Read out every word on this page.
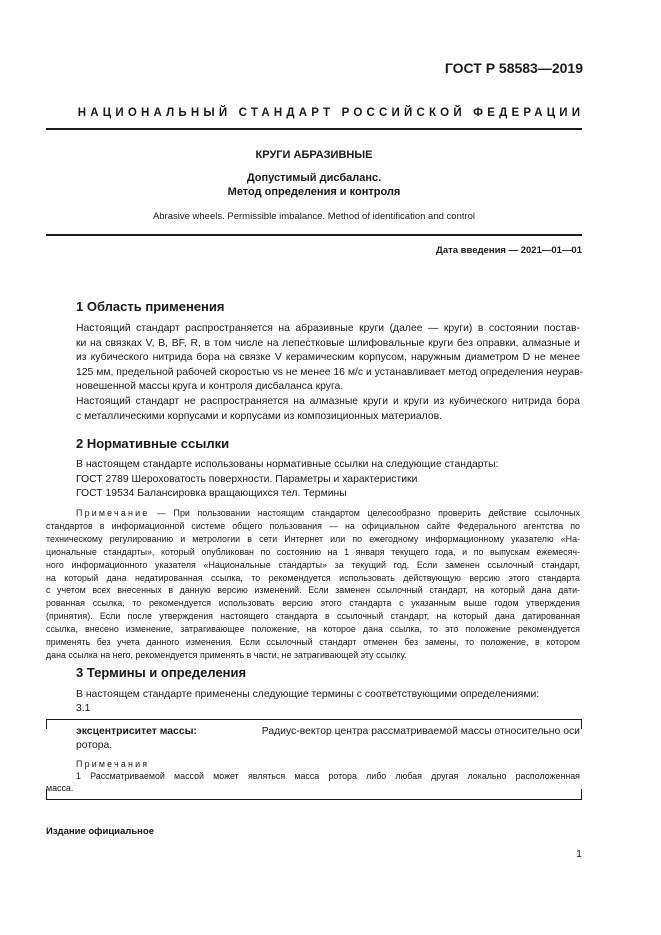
ГОСТ Р 58583—2019
НАЦИОНАЛЬНЫЙ СТАНДАРТ РОССИЙСКОЙ ФЕДЕРАЦИИ
КРУГИ АБРАЗИВНЫЕ
Допустимый дисбаланс.
Метод определения и контроля
Abrasive wheels. Permissible imbalance. Method of identification and control
Дата введения — 2021—01—01
1 Область применения
Настоящий стандарт распространяется на абразивные круги (далее — круги) в состоянии постав-
ки на связках V, B, BF, R, в том числе на лепестковые шлифовальные круги без оправки, алмазные и
из кубического нитрида бора на связке V керамическим корпусом, наружным диаметром D не менее
125 мм, предельной рабочей скоростью vs не менее 16 м/с и устанавливает метод определения неурав-
новешенной массы круга и контроля дисбаланса круга.
Настоящий стандарт не распространяется на алмазные круги и круги из кубического нитрида бора
с металлическими корпусами и корпусами из композиционных материалов.
2 Нормативные ссылки
В настоящем стандарте использованы нормативные ссылки на следующие стандарты:
ГОСТ 2789 Шероховатость поверхности. Параметры и характеристики
ГОСТ 19534 Балансировка вращающихся тел. Термины
Примечание — При пользовании настоящим стандартом целесообразно проверить действие ссылочных
стандартов в информационной системе общего пользования — на официальном сайте Федерального агентства по
техническому регулированию и метрологии в сети Интернет или по ежегодному информационному указателю «На-
циональные стандарты», который опубликован по состоянию на 1 января текущего года, и по выпускам ежемесяч-
ного информационного указателя «Национальные стандарты» за текущий год. Если заменен ссылочный стандарт,
на который дана недатированная ссылка, то рекомендуется использовать действующую версию этого стандарта
с учетом всех внесенных в данную версию изменений. Если заменен ссылочный стандарт, на который дана дати-
рованная ссылка, то рекомендуется использовать версию этого стандарта с указанным выше годом утверждения
(принятия). Если после утверждения настоящего стандарта в ссылочный стандарт, на который дана датированная
ссылка, внесено изменение, затрагивающее положение, на которое дана ссылка, то это положение рекомендуется
применять без учета данного изменения. Если ссылочный стандарт отменен без замены, то положение, в котором
дана ссылка на него, рекомендуется применять в части, не затрагивающей эту ссылку.
3 Термины и определения
В настоящем стандарте применены следующие термины с соответствующими определениями:
3.1
эксцентриситет массы:	Радиус-вектор центра рассматриваемой массы относительно оси
ротора.
Примечания
1 Рассматриваемой массой может являться масса ротора либо любая другая локально расположенная
масса.
Издание официальное
1
